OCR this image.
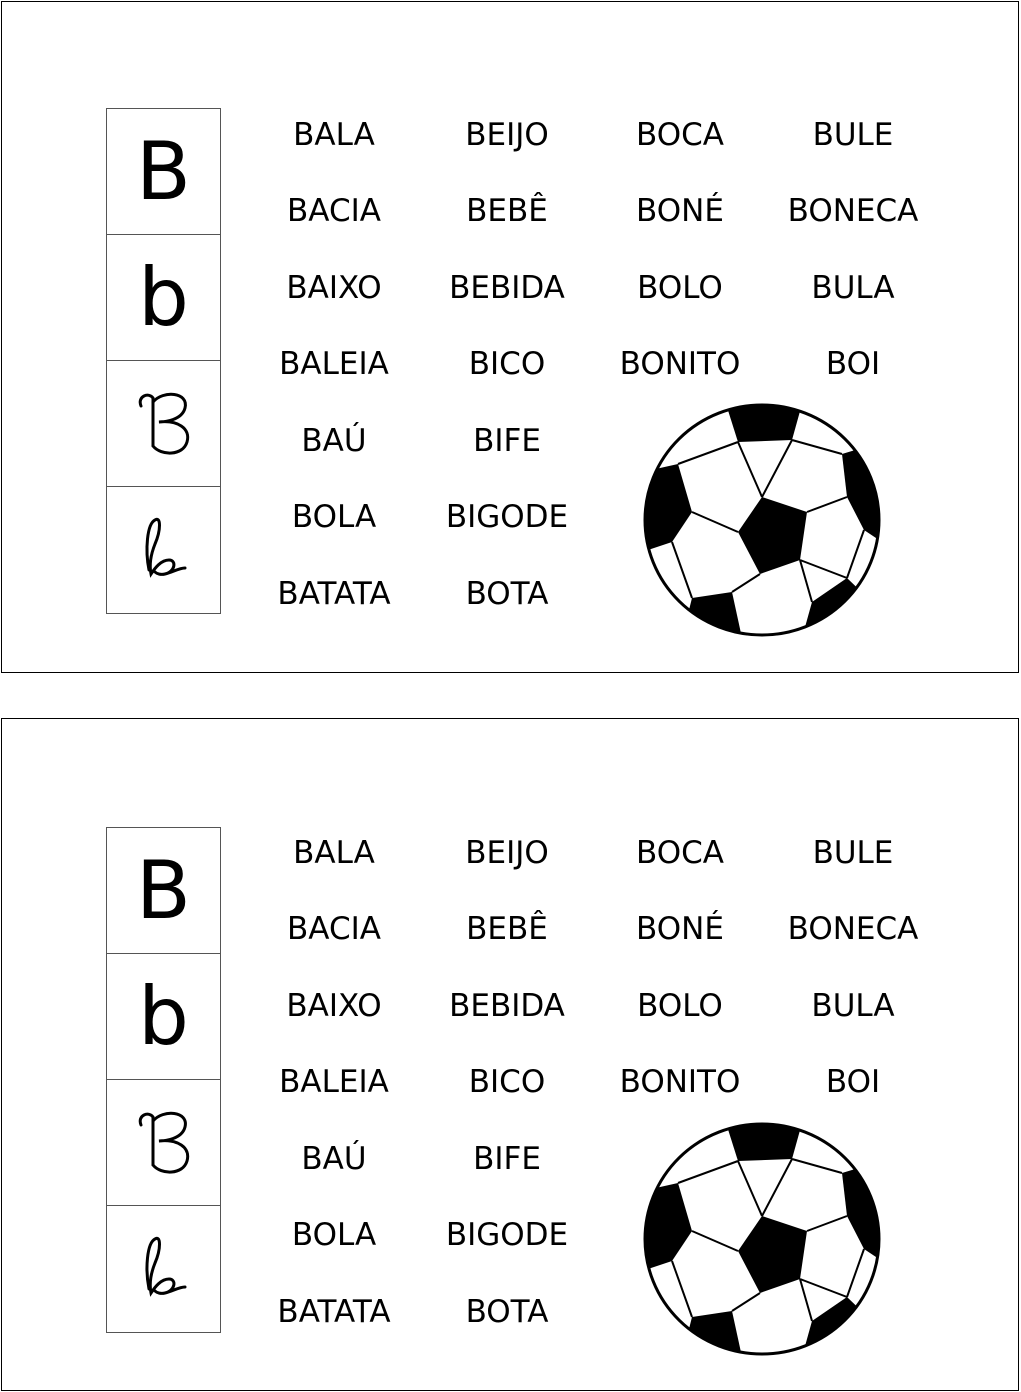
B
b
BALA	BEIJO	BOCA	BULE
BACIA	BEBÊ	BONÉ	BONECA
BAIXO	BEBIDA	BOLO	BULA
BALEIA	BICO	BONITO	BOI
BAÚ	BIFE
BOLA	BIGODE
BATATA	BOTA
B
b
BALA	BEIJO	BOCA	BULE
BACIA	BEBÊ	BONÉ	BONECA
BAIXO	BEBIDA	BOLO	BULA
BALEIA	BICO	BONITO	BOI
BAÚ	BIFE
BOLA	BIGODE
BATATA	BOTA
